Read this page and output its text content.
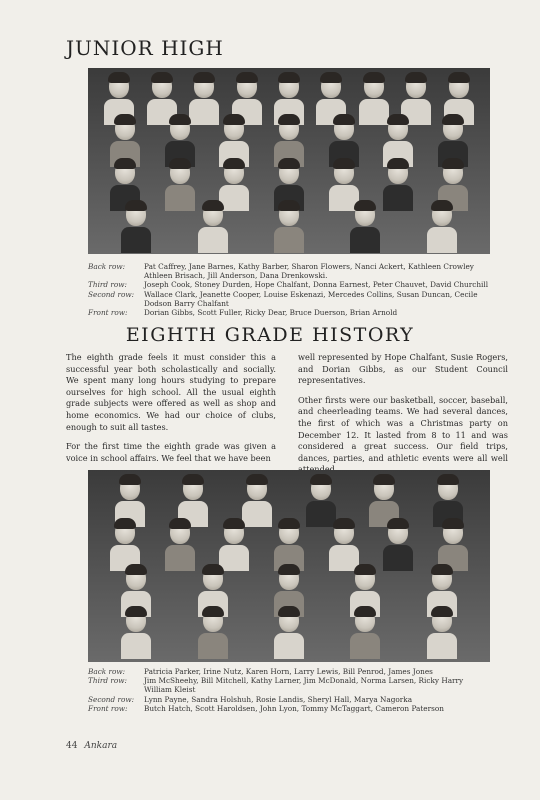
JUNIOR HIGH
Back row:	Pat Caffrey, Jane Barnes, Kathy Barber, Sharon Flowers, Nanci Ackert, Kathleen Crowley Athleen Brisach, Jill Anderson, Dana Drenkowski.
Third row:	Joseph Cook, Stoney Durden, Hope Chalfant, Donna Earnest, Peter Chauvet, David Churchill
Second row:	Wallace Clark, Jeanette Cooper, Louise Eskenazi, Mercedes Collins, Susan Duncan, Cecile Dodson Barry Chalfant
Front row:	Dorian Gibbs, Scott Fuller, Ricky Dear, Bruce Duerson, Brian Arnold
EIGHTH GRADE HISTORY

The eighth grade feels it must consider this a successful year both scholastically and socially. We spent many long hours studying to prepare ourselves for high school. All the usual eighth grade subjects were offered as well as shop and home economics. We had our choice of clubs, enough to suit all tastes.

For the first time the eighth grade was given a voice in school affairs. We feel that we have been

well represented by Hope Chalfant, Susie Rogers, and Dorian Gibbs, as our Student Council representatives.

Other firsts were our basketball, soccer, baseball, and cheerleading teams. We had several dances, the first of which was a Christmas party on December 12. It lasted from 8 to 11 and was considered a great success. Our field trips, dances, parties, and athletic events were all well

Back row:	Patricia Parker, Irine Nutz, Karen Horn, Larry Lewis, Bill Penrod, James Jones
Third row:	Jim McSheehy, Bill Mitchell, Kathy Larner, Jim McDonald, Norma Larsen, Ricky Harry William Kleist
Second row:	Lynn Payne, Sandra Holshuh, Rosie Landis, Sheryl Hall, Marya Nagorka
Front row:	Butch Hatch, Scott Haroldsen, John Lyon, Tommy McTaggart, Cameron Paterson
44 Ankara
